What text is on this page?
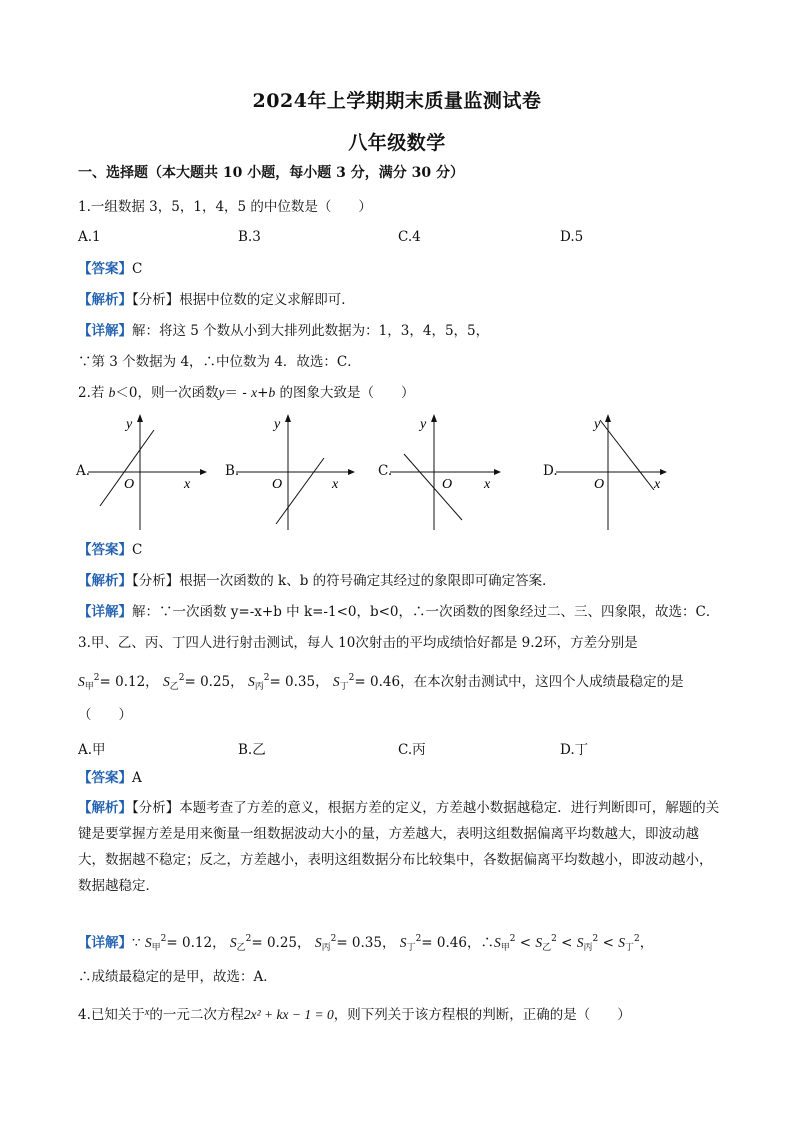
2024年上学期期末质量监测试卷
八年级数学
一、选择题（本大题共 10 小题，每小题 3 分，满分 30 分）
1.一组数据 3，5，1，4，5 的中位数是（　　）
A.1	B.3	C.4	D.5
【答案】C
【解析】【分析】根据中位数的定义求解即可．
【详解】解：将这 5 个数从小到大排列此数据为：1，3，4，5，5，
∵第 3 个数据为 4，∴中位数为 4．故选：C．
2.若 b＜0，则一次函数y＝ - x+b 的图象大致是（　　）
A.
x
y
O
B.
x
y
O
C.
x
y
O
D.
x
y
O
【答案】C
【解析】【分析】根据一次函数的 k、b 的符号确定其经过的象限即可确定答案．
【详解】解：∵一次函数 y=-x+b 中 k=-1<0，b<0，∴一次函数的图象经过二、三、四象限，故选：C．
3.甲、乙、丙、丁四人进行射击测试，每人 10次射击的平均成绩恰好都是 9.2环，方差分别是
$S_甲^2= 0.12$， $S_乙^2= 0.25$， $S_丙^2= 0.35$， $S_丁^2= 0.46$，在本次射击测试中，这四个人成绩最稳定的是
（　　）
A.甲	B.乙	C.丙	D.丁
【答案】A
【解析】【分析】本题考查了方差的意义，根据方差的定义，方差越小数据越稳定．进行判断即可，解题的关键是要掌握方差是用来衡量一组数据波动大小的量，方差越大，表明这组数据偏离平均数越大，即波动越大，数据越不稳定；反之，方差越小，表明这组数据分布比较集中，各数据偏离平均数越小，即波动越小，数据越稳定．
【详解】∵ $S_甲^2= 0.12$， $S_乙^2= 0.25$， $S_丙^2= 0.35$， $S_丁^2= 0.46$，$\therefore S_甲^2 < S_乙^2 < S_丙^2 < S_丁^2$，
∴成绩最稳定的是甲，故选：A．
4.已知关于$^x$的一元二次方程2x² + kx − 1 = 0，则下列关于该方程根的判断，正确的是（　　）
